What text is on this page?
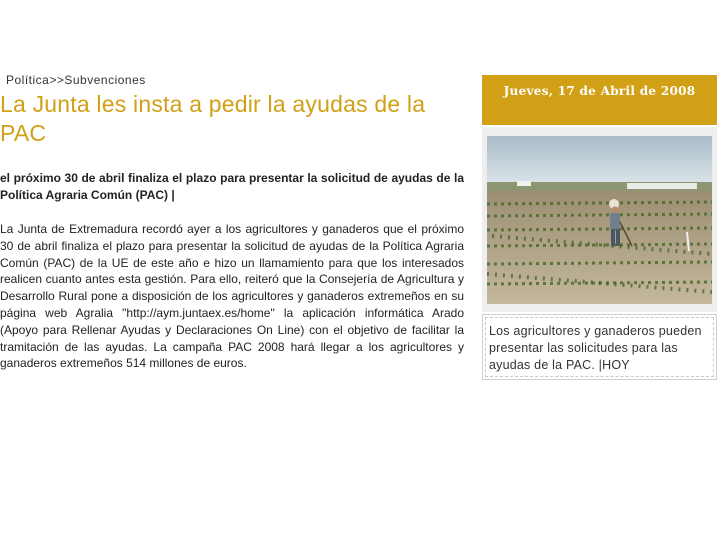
Política>>Subvenciones
La Junta les insta a pedir la ayudas de la PAC

el próximo 30 de abril finaliza el plazo para presentar la solicitud de ayudas de la Política Agraria Común (PAC) |

La Junta de Extremadura recordó ayer a los agricultores y ganaderos que el próximo 30 de abril finaliza el plazo para presentar la solicitud de ayudas de la Política Agraria Común (PAC) de la UE de este año e hizo un llamamiento para que los interesados realicen cuanto antes esta gestión. Para ello, reiteró que la Consejería de Agricultura y Desarrollo Rural pone a disposición de los agricultores y ganaderos extremeños en su página web Agralia "http://aym.juntaex.es/home" la aplicación informática Arado (Apoyo para Rellenar Ayudas y Declaraciones On Line) con el objetivo de facilitar la tramitación de las ayudas. La campaña PAC 2008 hará llegar a los agricultores y ganaderos extremeños 514 millones de euros.

Jueves, 17 de Abril de 2008
Los agricultores y ganaderos pueden presentar las solicitudes para las ayudas de la PAC. |HOY
